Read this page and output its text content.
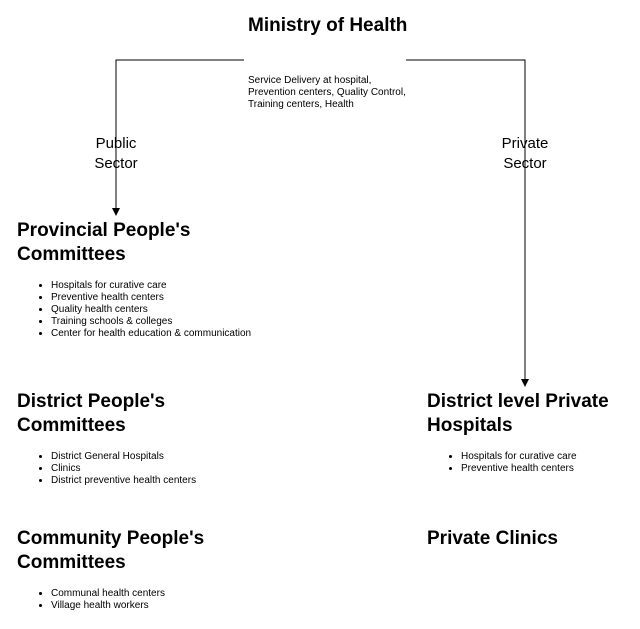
Ministry of Health
Service Delivery at hospital, Prevention centers, Quality Control, Training centers, Health
Public Sector
Private Sector
Provincial People's Committees
• Hospitals for curative care
• Preventive health centers
• Quality health centers
• Training schools & colleges
• Center for health education & communication
District People's Committees
• District General Hospitals
• Clinics
• District preventive health centers
Community People's Committees
• Communal health centers
• Village health workers
District level Private Hospitals
• Hospitals for curative care
• Preventive health centers
Private Clinics
